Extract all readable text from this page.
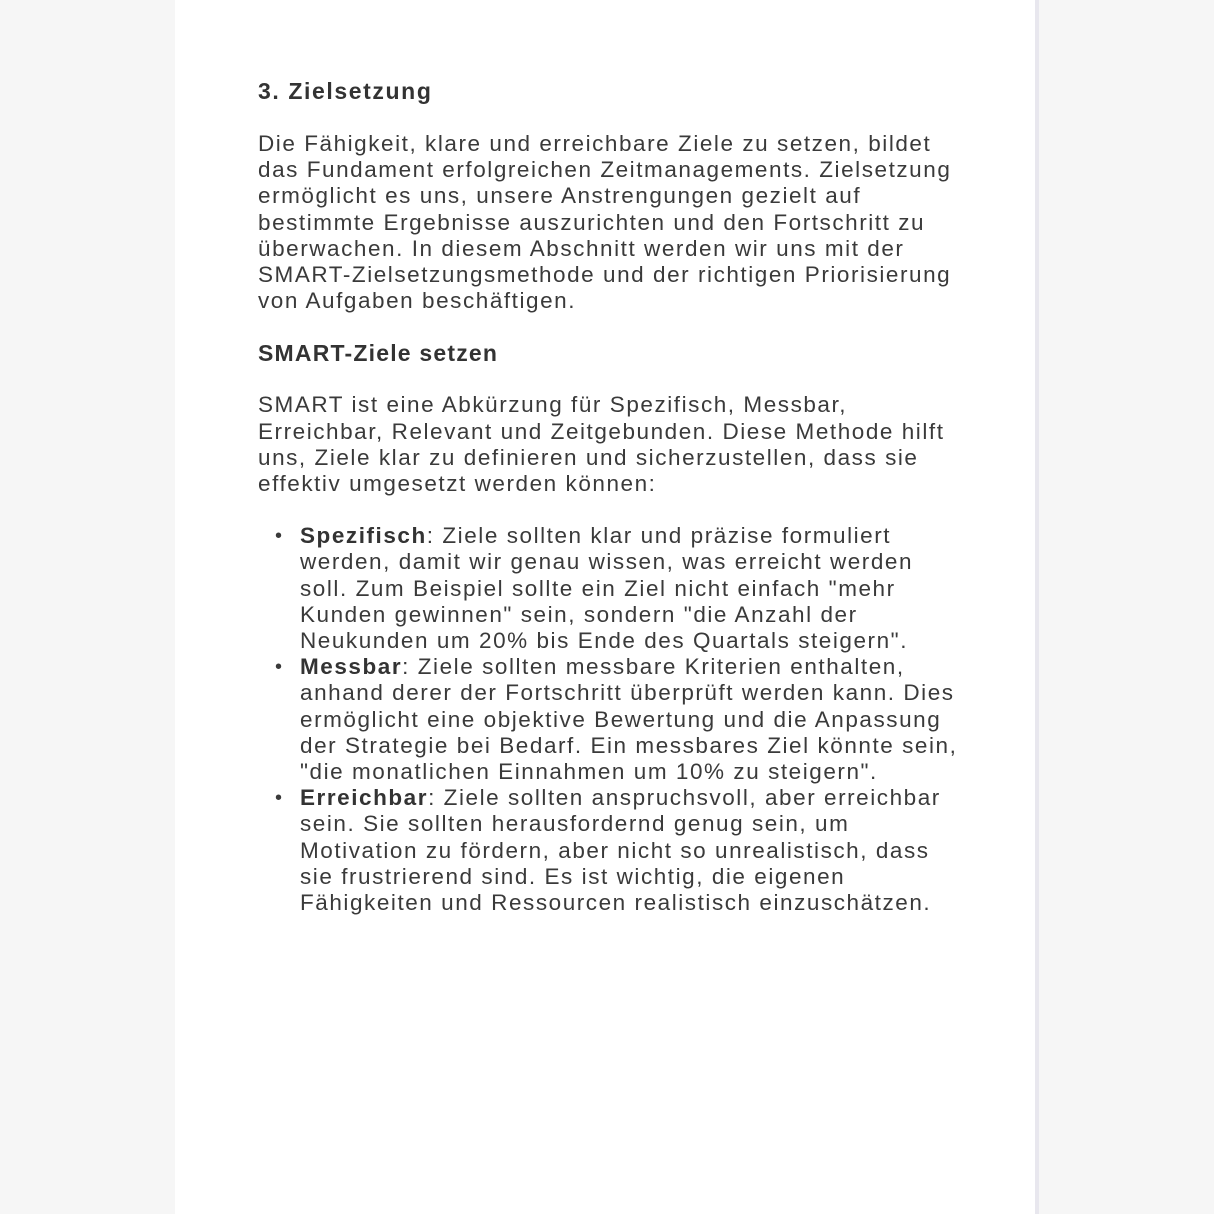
3. Zielsetzung

Die Fähigkeit, klare und erreichbare Ziele zu setzen, bildet das Fundament erfolgreichen Zeitmanagements. Zielsetzung ermöglicht es uns, unsere Anstrengungen gezielt auf bestimmte Ergebnisse auszurichten und den Fortschritt zu überwachen. In diesem Abschnitt werden wir uns mit der SMART-Zielsetzungsmethode und der richtigen Priorisierung von Aufgaben beschäftigen.

SMART-Ziele setzen

SMART ist eine Abkürzung für Spezifisch, Messbar, Erreichbar, Relevant und Zeitgebunden. Diese Methode hilft uns, Ziele klar zu definieren und sicherzustellen, dass sie effektiv umgesetzt werden können:

• Spezifisch: Ziele sollten klar und präzise formuliert werden, damit wir genau wissen, was erreicht werden soll. Zum Beispiel sollte ein Ziel nicht einfach "mehr Kunden gewinnen" sein, sondern "die Anzahl der Neukunden um 20% bis Ende des Quartals steigern".
• Messbar: Ziele sollten messbare Kriterien enthalten, anhand derer der Fortschritt überprüft werden kann. Dies ermöglicht eine objektive Bewertung und die Anpassung der Strategie bei Bedarf. Ein messbares Ziel könnte sein, "die monatlichen Einnahmen um 10% zu steigern".
• Erreichbar: Ziele sollten anspruchsvoll, aber erreichbar sein. Sie sollten herausfordernd genug sein, um Motivation zu fördern, aber nicht so unrealistisch, dass sie frustrierend sind. Es ist wichtig, die eigenen Fähigkeiten und Ressourcen realistisch einzuschätzen.
